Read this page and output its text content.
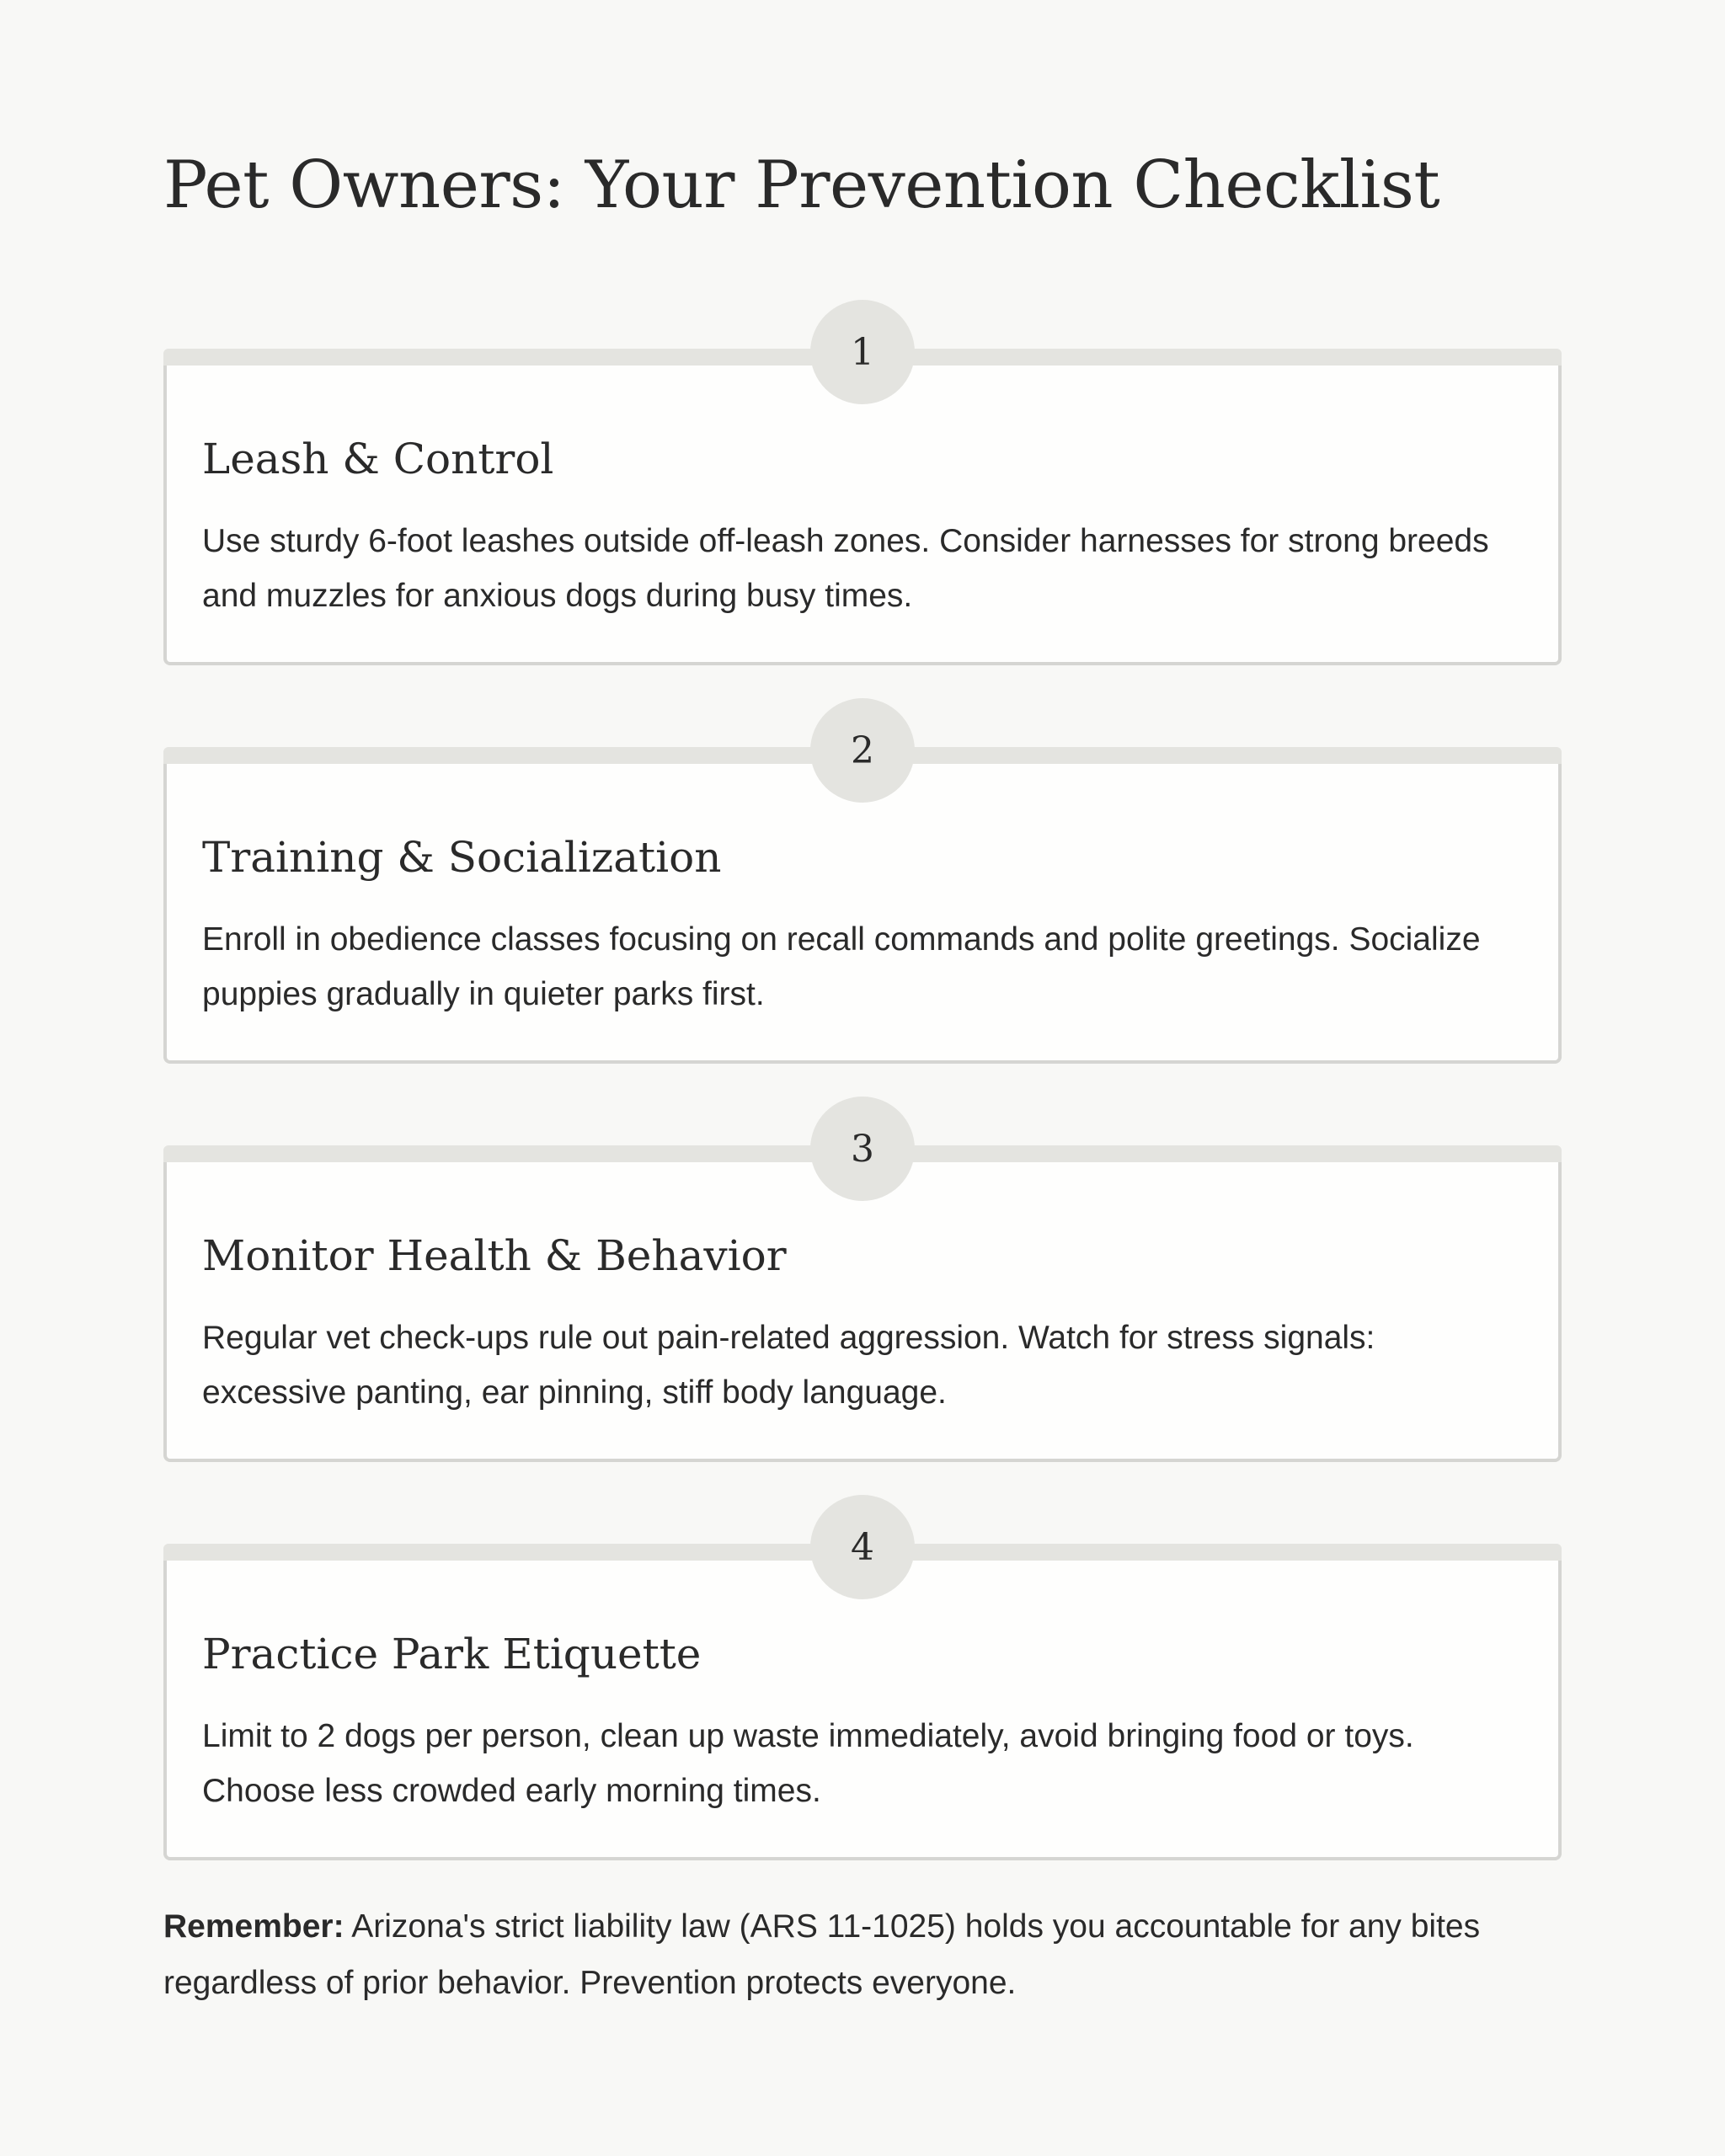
Pet Owners: Your Prevention Checklist
1
Leash & Control

Use sturdy 6-foot leashes outside off-leash zones. Consider harnesses for strong breeds and muzzles for anxious dogs during busy times.

2
Training & Socialization

Enroll in obedience classes focusing on recall commands and polite greetings. Socialize puppies gradually in quieter parks first.

3
Monitor Health & Behavior

Regular vet check-ups rule out pain-related aggression. Watch for stress signals: excessive panting, ear pinning, stiff body language.

4
Practice Park Etiquette

Limit to 2 dogs per person, clean up waste immediately, avoid bringing food or toys. Choose less crowded early morning times.

Remember: Arizona's strict liability law (ARS 11-1025) holds you accountable for any bites regardless of prior behavior. Prevention protects everyone.
